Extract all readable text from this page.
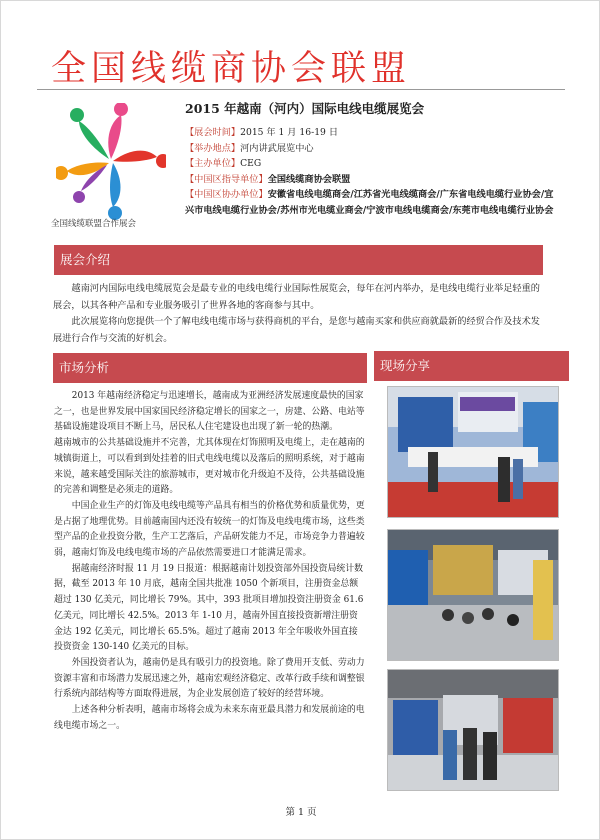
全国线缆商协会联盟
全国线缆联盟合作展会
2015 年越南（河内）国际电线电缆展览会

【展会时间】2015 年 1 月 16-19 日

【举办地点】河内讲武展览中心

【主办单位】CEG

【中国区指导单位】全国线缆商协会联盟

【中国区协办单位】安徽省电线电缆商会/江苏省光电线缆商会/广东省电线电缆行业协会/宜兴市电线电缆行业协会/苏州市光电缆业商会/宁波市电线电缆商会/东莞市电线电缆行业协会

展会介绍

越南河内国际电线电缆展览会是最专业的电线电缆行业国际性展览会，每年在河内举办，是电线电缆行业举足轻重的展会，以其各种产品和专业服务吸引了世界各地的客商参与其中。

此次展览将向您提供一个了解电线电缆市场与获得商机的平台，是您与越南买家和供应商就最新的经贸合作及技术发展进行合作与交流的好机会。

市场分析	现场分享

2013 年越南经济稳定与迅速增长，越南成为亚洲经济发展速度最快的国家之一，也是世界发展中国家国民经济稳定增长的国家之一，房建、公路、电站等基础设施建设项目不断上马，居民私人住宅建设也出现了新一轮的热潮。

越南城市的公共基础设施并不完善，尤其体现在灯饰照明及电缆上，走在越南的城镇街道上，可以看到到处挂着的旧式电线电缆以及落后的照明系统，对于越南来说，越来越受国际关注的旅游城市，更对城市化升级迫不及待，公共基础设施的完善和调整是必须走的道路。

中国企业生产的灯饰及电线电缆等产品具有相当的价格优势和质量优势，更是占据了地理优势。目前越南国内还没有较统一的灯饰及电线电缆市场，这些类型产品的企业投资分散，生产工艺落后，产品研发能力不足，市场竞争力普遍较弱，越南灯饰及电线电缆市场的产品依然需要进口才能满足需求。

据越南经济时报 11 月 19 日报道：根据越南计划投资部外国投资局统计数据，截至 2013 年 10 月底，越南全国共批准 1050 个新项目，注册资金总额超过 130 亿美元，同比增长 79%。其中，393 批项目增加投资注册资金 61.6 亿美元，同比增长 42.5%。2013 年 1-10 月，越南外国直接投资新增注册资金达 192 亿美元，同比增长 65.5%。超过了越南 2013 年全年吸收外国直接投资资金 130-140 亿美元的目标。

外国投资者认为，越南仍是具有吸引力的投资地。除了费用开支低、劳动力资源丰富和市场潜力发展迅速之外，越南宏观经济稳定、改革行政手续和调整银行系统内部结构等方面取得进展，为企业发展创造了较好的经营环境。

上述各种分析表明，越南市场将会成为未来东南亚最具潜力和发展前途的电线电缆市场之一。

第 1 页
